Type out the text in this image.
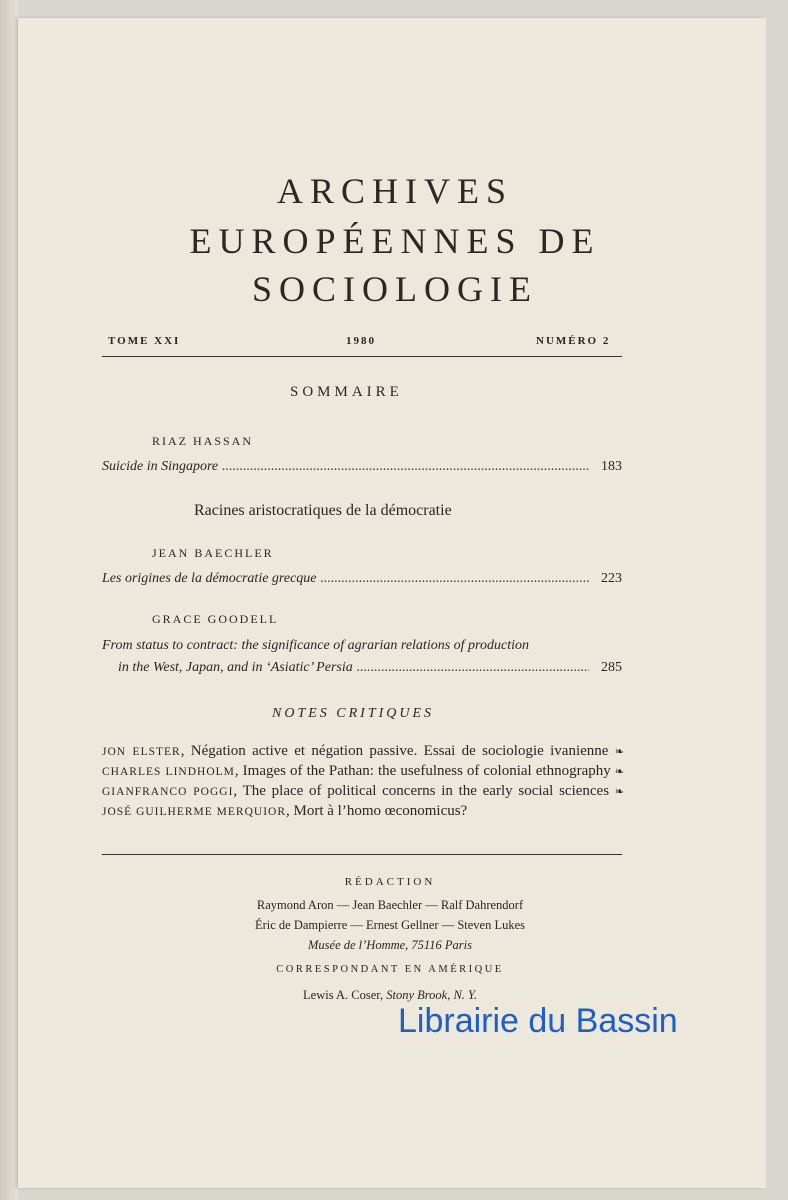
ARCHIVES
EUROPÉENNES DE
SOCIOLOGIE
TOME XXI	1980	NUMÉRO 2
SOMMAIRE
RIAZ HASSAN
Suicide in Singapore .....	183
Racines aristocratiques de la démocratie
JEAN BAECHLER
Les origines de la démocratie grecque .....	223
GRACE GOODELL
From status to contract: the significance of agrarian relations of production
in the West, Japan, and in ‘Asiatic’ Persia .....	285
NOTES CRITIQUES
JON ELSTER, Négation active et négation passive. Essai de sociologie ivanienne ❧ CHARLES LINDHOLM, Images of the Pathan: the usefulness of colonial ethnography ❧ GIANFRANCO POGGI, The place of political concerns in the early social sciences ❧ JOSÉ GUILHERME MERQUIOR, Mort à l’homo œconomicus?
RÉDACTION
Raymond Aron — Jean Baechler — Ralf Dahrendorf
Éric de Dampierre — Ernest Gellner — Steven Lukes
Musée de l’Homme, 75116 Paris
CORRESPONDANT EN AMÉRIQUE
Lewis A. Coser, Stony Brook, N. Y.
Librairie du Bassin
